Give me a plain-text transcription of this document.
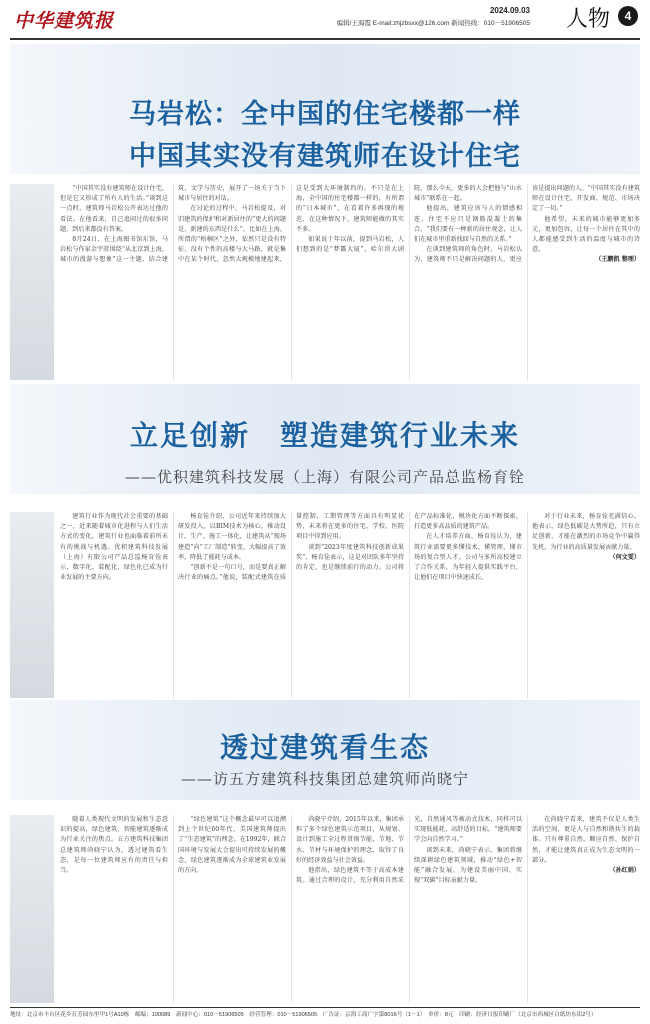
中华建筑报	2024.09.03
编辑/王海霞 E-mail:zhjzbsxx@126.com 新闻热线：010－51906505 人物	4
马岩松：全中国的住宅楼都一样
中国其实没有建筑师在设计住宅

“中国其实没有建筑师在设计住宅，但是它又形成了所有人的生活。”谈到这一点时，建筑师马岩松公开表达过他的看法。在他看来，自己追问过的很多问题，到后来都没有答案。

8月24日，在上海图书馆东馆，马岩松与作家金宇澄围绕“从北京到上海，城市的漫游与想象”这一主题，结合建筑、文学与历史，展开了一场关于当下城市与居住的对话。

在讨论的过程中，马岩松提及，对旧建筑的保护和对新居住的“更大的问题是，新建的东西是什么”。比如在上海，所谓的“梧桐区”之外，依然只是没有特征、没有个性的高楼与大马路，就是集中在某个时代，忽然大规模地建起来，这是受到大环境制约的。不只是在上海，全中国的住宅楼都一样的，有所谓的“日本城市”，在看着许多再现的规范、在这种情况下，建筑师能做的其实不多。

如果说十年以前，提到马岩松，人们想到的是“梦露大厦”、哈尔滨大剧院，那么今天，更多的人会把他与“山水城市”联系在一起。

他提出，建筑应该与人的情感相连，住宅不应只是钢筋混凝土的集合。“我们要有一种新的居住观念，让人们在城市里重新找回与自然的关系。”

在谈到建筑师的角色时，马岩松认为，建筑师不只是解决问题的人，更应该是提出问题的人。“中国其实没有建筑师在设计住宅，开发商、规范、市场决定了一切。”

他希望，未来的城市能够更加多元，更加包容，让每一个居住在其中的人都能感受到生活的温度与城市的诗意。

（王鹏凯 整理）
立足创新　塑造建筑行业未来
——优积建筑科技发展（上海）有限公司产品总监杨育铨

建筑行业作为现代社会重要的基础之一，近来随着城市化进程与人们生活方式的变化，建筑行业也面临着前所未有的挑战与机遇。优积建筑科技发展（上海）有限公司产品总监杨育铨表示，数字化、装配化、绿色化已成为行业发展的主要方向。

杨育铨介绍，公司近年来持续加大研发投入，以BIM技术为核心，推动设计、生产、施工一体化，让建筑从“现场建造”向“工厂制造”转变，大幅提高了效率，降低了能耗与成本。

“创新不是一句口号，而是要真正解决行业的痛点。”他说，装配式建筑在质量控制、工期管理等方面具有明显优势，未来将在更多的住宅、学校、医院项目中得到应用。

谈到“2023年度建筑科技创新成果奖”，杨育铨表示，这是对团队多年坚持的肯定，也是继续前行的动力。公司将在产品标准化、模块化方面不断探索，打造更多高品质的建筑产品。

在人才培养方面，杨育铨认为，建筑行业需要更多懂技术、懂管理、懂市场的复合型人才。公司与多所高校建立了合作关系，为年轻人提供实践平台，让他们在项目中快速成长。

对于行业未来，杨育铨充满信心。他表示，绿色低碳是大势所趋，只有立足创新，才能在激烈的市场竞争中赢得先机，为行业的高质量发展贡献力量。

（何文雯）
透过建筑看生态
——访五方建筑科技集团总建筑师尚晓宁

随着人类现代文明的发展和生态意识的提高，绿色建筑、智能建筑逐渐成为行业关注的焦点。五方建筑科技集团总建筑师尚晓宁认为，透过建筑看生态，是每一位建筑师应有的责任与担当。

“绿色建筑”这个概念最早可以追溯到上个世纪60年代，美国建筑师提出了“生态建筑”的理念。在1992年，联合国环境与发展大会提出可持续发展的概念，绿色建筑逐渐成为全球建筑业发展的方向。

尚晓宁介绍，2015年以来，集团承担了多个绿色建筑示范项目，从规划、设计到施工全过程贯彻节能、节地、节水、节材与环境保护的理念，取得了良好的经济效益与社会效益。

他指出，绿色建筑不等于高成本建筑。通过合理的设计，充分利用自然采光、自然通风等被动式技术，同样可以实现低能耗、高舒适的目标。“建筑师要学会向自然学习。”

谈到未来，尚晓宁表示，集团将继续深耕绿色建筑领域，推动“绿色+智能”融合发展，为建设美丽中国、实现“双碳”目标贡献力量。

在尚晓宁看来，建筑不仅是人类生活的空间，更是人与自然和谐共生的载体。只有尊重自然、顺应自然、保护自然，才能让建筑真正成为生态文明的一部分。

（孙红娟）
地址：北京市丰台区花乡育芳园东里甲1号A10栋　邮编：100089　新闻中心：010－51906505　经营管理：010－51906505　广告证：京海工商广字第8016号（1－1）　单价：8元　印刷：经济日报印刷厂（北京市西城区白纸坊东街2号）
